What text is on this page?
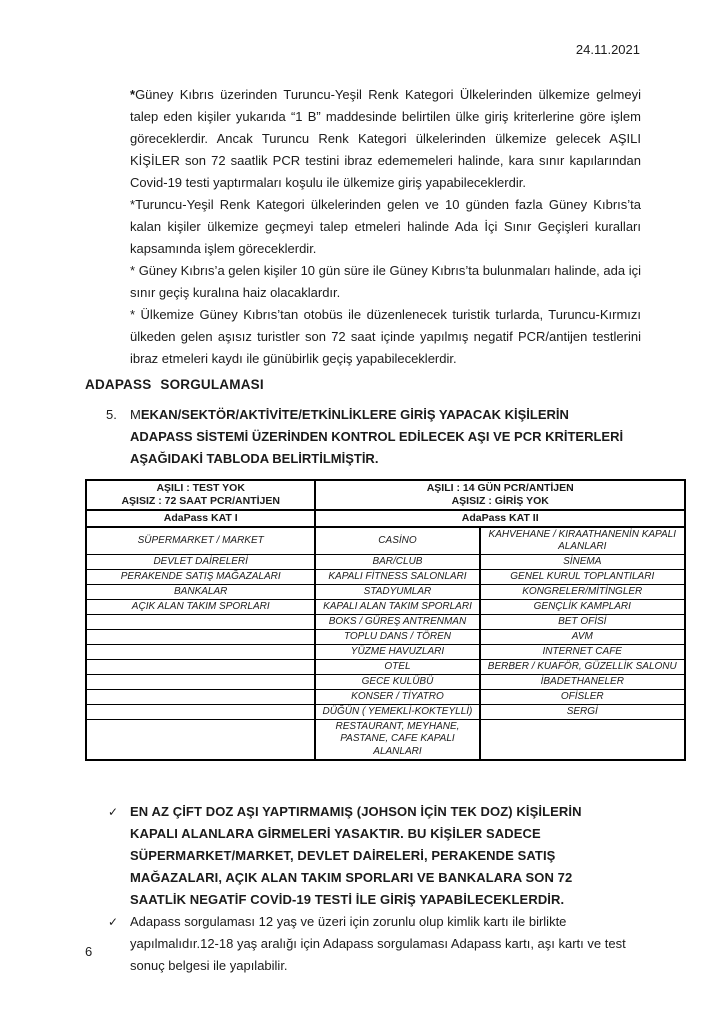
24.11.2021

*Güney Kıbrıs üzerinden Turuncu-Yeşil Renk Kategori Ülkelerinden ülkemize gelmeyi talep eden kişiler yukarıda “1 B” maddesinde belirtilen ülke giriş kriterlerine göre işlem göreceklerdir. Ancak Turuncu Renk Kategori ülkelerinden ülkemize gelecek AŞILI KİŞİLER son 72 saatlik PCR testini ibraz edememeleri halinde, kara sınır kapılarından Covid-19 testi yaptırmaları koşulu ile ülkemize giriş yapabileceklerdir.

*Turuncu-Yeşil Renk Kategori ülkelerinden gelen ve 10 günden fazla Güney Kıbrıs’ta kalan kişiler ülkemize geçmeyi talep etmeleri halinde Ada İçi Sınır Geçişleri kuralları kapsamında işlem göreceklerdir.

* Güney Kıbrıs’a gelen kişiler 10 gün süre ile Güney Kıbrıs’ta bulunmaları halinde, ada içi sınır geçiş kuralına haiz olacaklardır.

* Ülkemize Güney Kıbrıs’tan otobüs ile düzenlenecek turistik turlarda, Turuncu-Kırmızı ülkeden gelen aşısız turistler son 72 saat içinde yapılmış negatif PCR/antijen testlerini ibraz etmeleri kaydı ile günübirlik geçiş yapabileceklerdir.

ADAPASS SORGULAMASI
5.	MEKAN/SEKTÖR/AKTİVİTE/ETKİNLİKLERE GİRİŞ YAPACAK KİŞİLERİN ADAPASS SİSTEMİ ÜZERİNDEN KONTROL EDİLECEK AŞI VE PCR KRİTERLERİ AŞAĞIDAKİ TABLODA BELİRTİLMİŞTİR.
AŞILI : TEST YOK
AŞISIZ : 72 SAAT PCR/ANTİJEN

AŞILI : 14 GÜN PCR/ANTİJEN
AŞISIZ : GİRİŞ YOK

AdaPass KAT I	AdaPass KAT II	
SÜPERMARKET / MARKET	CASİNO	KAHVEHANE / KIRAATHANENİN KAPALI ALANLARI
DEVLET DAİRELERİ	BAR/CLUB	SİNEMA
PERAKENDE SATIŞ MAĞAZALARI	KAPALI FİTNESS SALONLARI	GENEL KURUL TOPLANTILARI
BANKALAR	STADYUMLAR	KONGRELER/MİTİNGLER
AÇIK ALAN TAKIM SPORLARI	KAPALI ALAN TAKIM SPORLARI	GENÇLİK KAMPLARI
	BOKS / GÜREŞ ANTRENMAN	BET OFİSİ
	TOPLU DANS / TÖREN	AVM
	YÜZME HAVUZLARI	INTERNET CAFE
	OTEL	BERBER / KUAFÖR, GÜZELLİK SALONU
	GECE KULÜBÜ	İBADETHANELER
	KONSER / TİYATRO	OFİSLER
	DÜĞÜN ( YEMEKLİ-KOKTEYLLİ)	SERGİ
	RESTAURANT, MEYHANE, PASTANE, CAFE KAPALI ALANLARI	
✓ EN AZ ÇİFT DOZ AŞI YAPTIRMAMIŞ (JOHSON İÇİN TEK DOZ) KİŞİLERİN KAPALI ALANLARA GİRMELERİ YASAKTIR. BU KİŞİLER SADECE SÜPERMARKET/MARKET, DEVLET DAİRELERİ, PERAKENDE SATIŞ MAĞAZALARI, AÇIK ALAN TAKIM SPORLARI VE BANKALARA SON 72 SAATLİK NEGATİF COVİD-19 TESTİ İLE GİRİŞ YAPABİLECEKLERDİR.
✓ Adapass sorgulaması 12 yaş ve üzeri için zorunlu olup kimlik kartı ile birlikte yapılmalıdır.12-18 yaş aralığı için Adapass sorgulaması Adapass kartı, aşı kartı ve test sonuç belgesi ile yapılabilir.
6
